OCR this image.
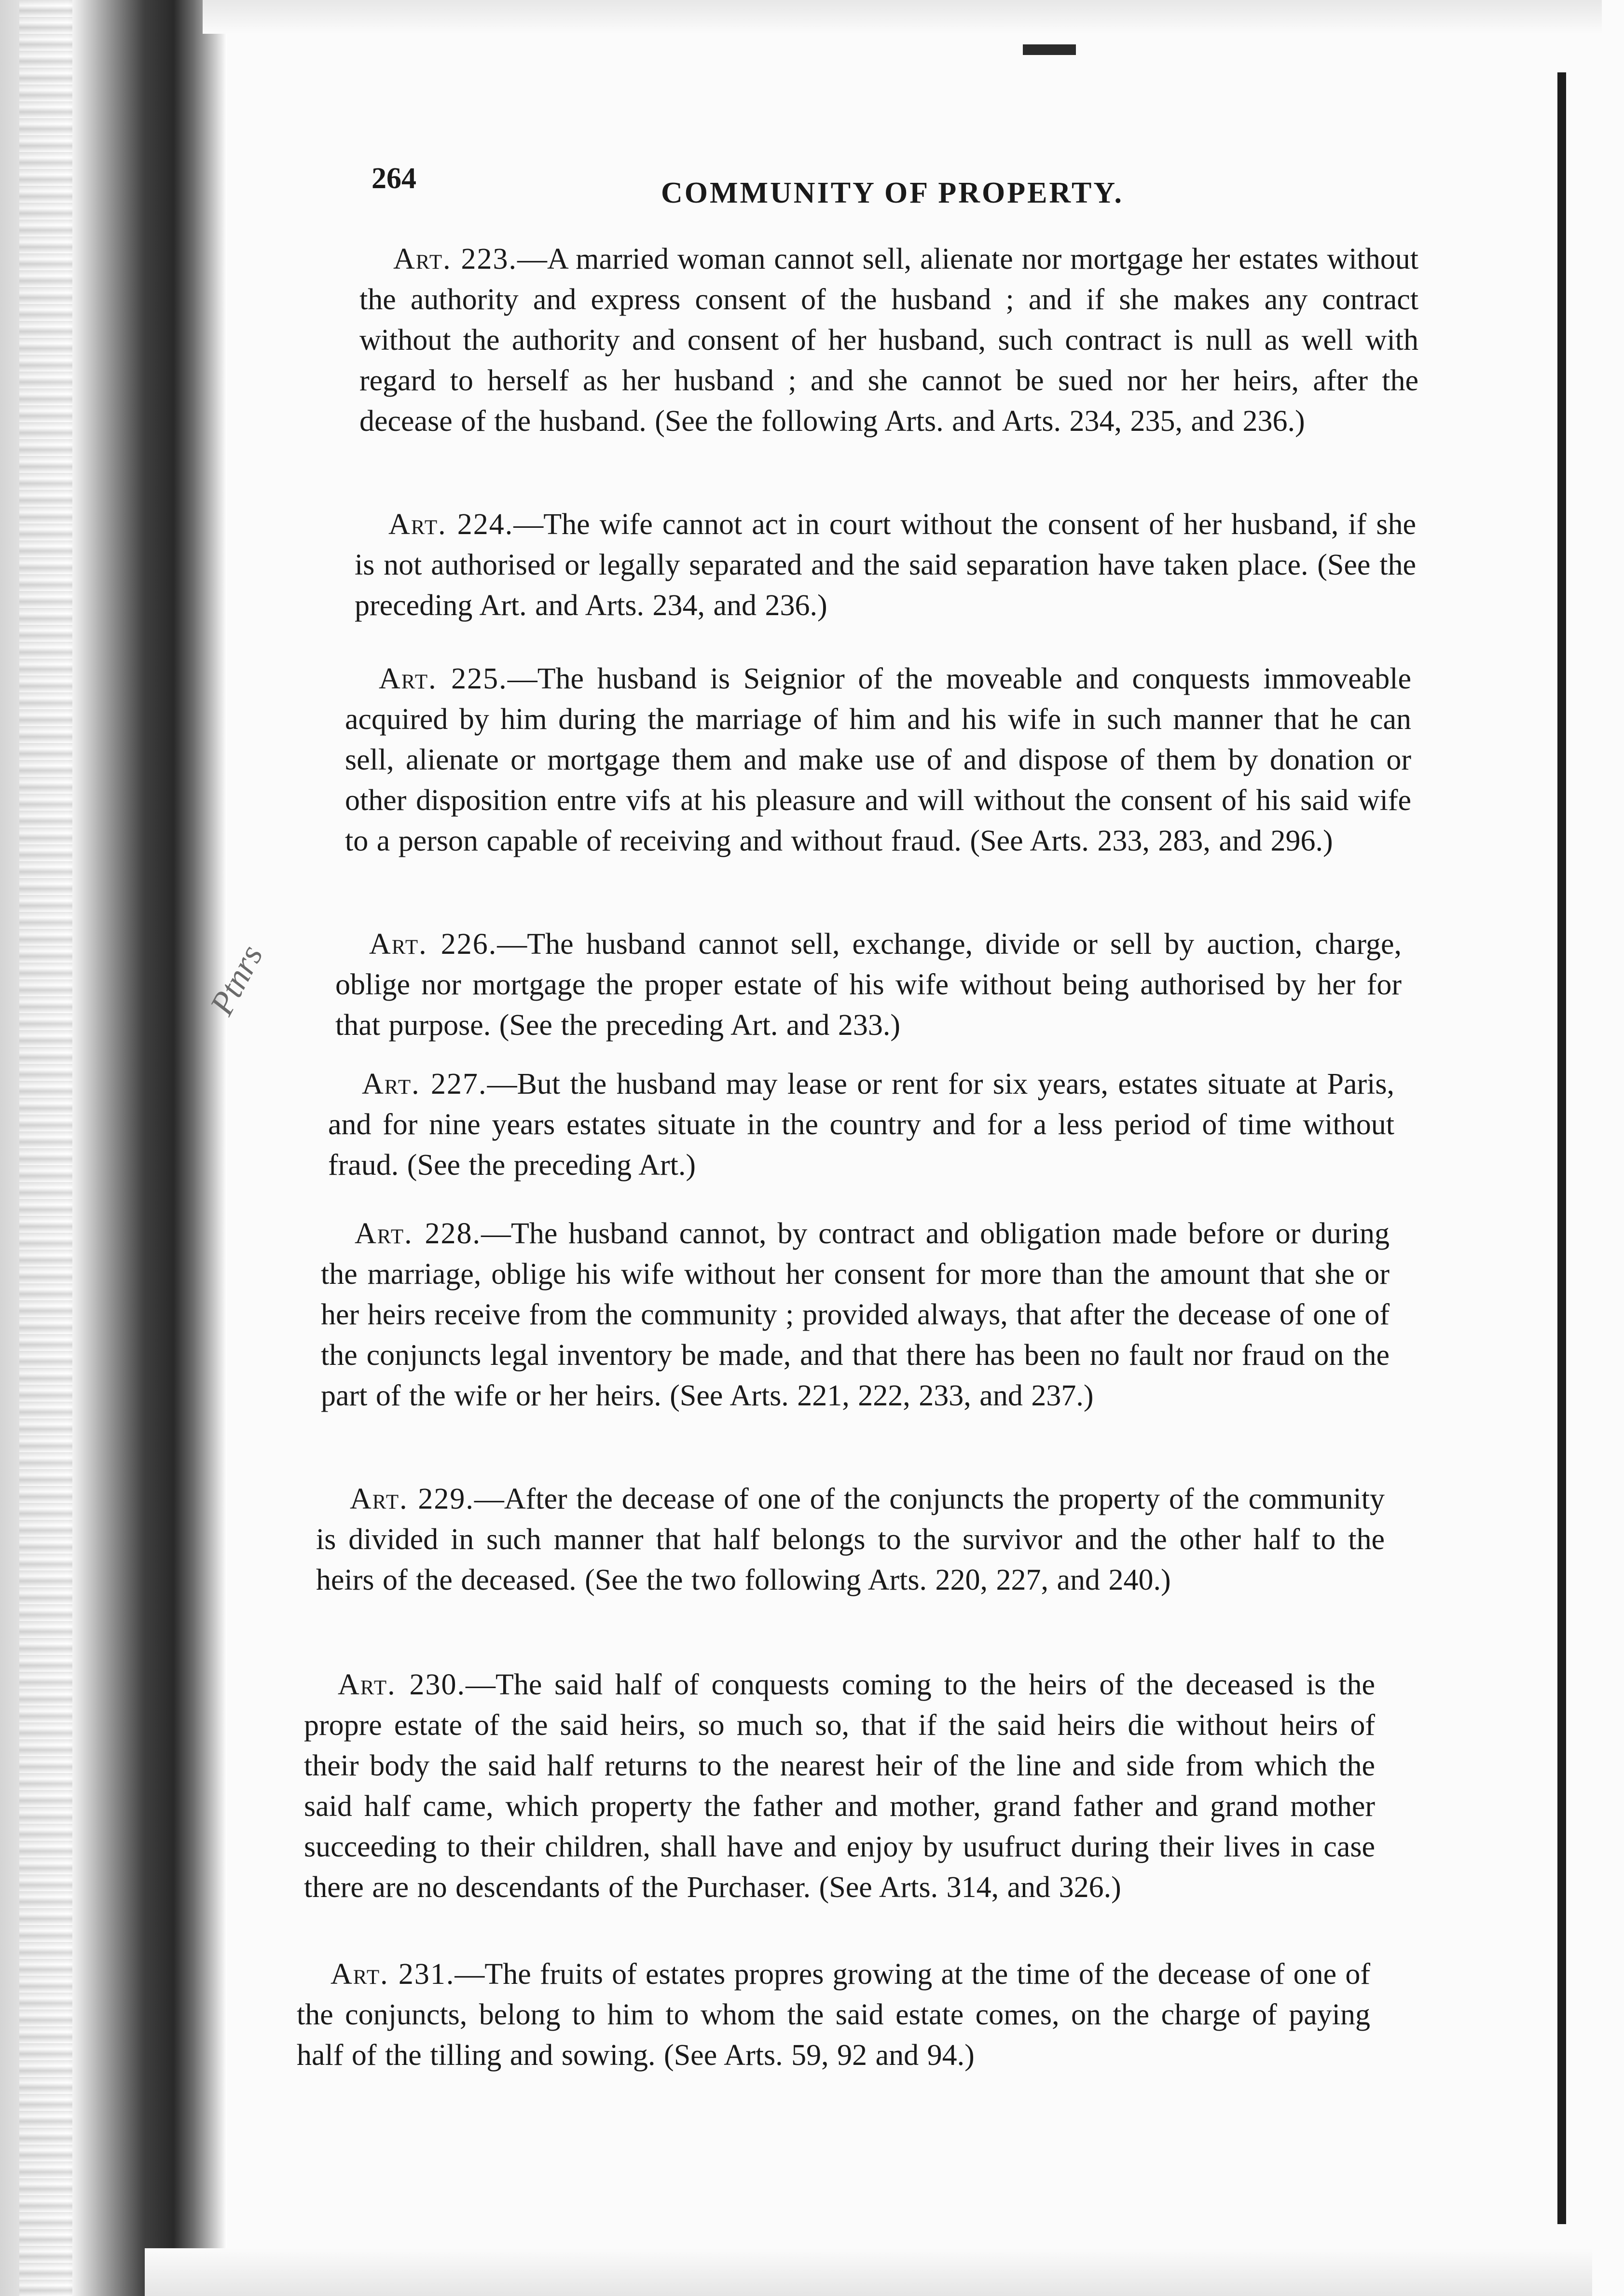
Ptnrs

264	COMMUNITY OF PROPERTY.

Art. 223.—A married woman cannot sell, alienate nor mortgage her estates without the authority and express consent of the husband ; and if she makes any contract without the authority and consent of her husband, such contract is null as well with regard to herself as her husband ; and she cannot be sued nor her heirs, after the decease of the husband. (See the following Arts. and Arts. 234, 235, and 236.)

Art. 224.—The wife cannot act in court without the consent of her husband, if she is not authorised or legally separated and the said separation have taken place. (See the preceding Art. and Arts. 234, and 236.)

Art. 225.—The husband is Seignior of the moveable and conquests immoveable acquired by him during the marriage of him and his wife in such manner that he can sell, alienate or mortgage them and make use of and dispose of them by donation or other disposition entre vifs at his pleasure and will without the consent of his said wife to a person capable of receiving and without fraud. (See Arts. 233, 283, and 296.)

Art. 226.—The husband cannot sell, exchange, divide or sell by auction, charge, oblige nor mortgage the proper estate of his wife without being authorised by her for that purpose. (See the preceding Art. and 233.)

Art. 227.—But the husband may lease or rent for six years, estates situate at Paris, and for nine years estates situate in the country and for a less period of time without fraud. (See the preceding Art.)

Art. 228.—The husband cannot, by contract and obligation made before or during the marriage, oblige his wife without her consent for more than the amount that she or her heirs receive from the community ; provided always, that after the decease of one of the conjuncts legal inventory be made, and that there has been no fault nor fraud on the part of the wife or her heirs. (See Arts. 221, 222, 233, and 237.)

Art. 229.—After the decease of one of the conjuncts the property of the community is divided in such manner that half belongs to the survivor and the other half to the heirs of the deceased. (See the two following Arts. 220, 227, and 240.)

Art. 230.—The said half of conquests coming to the heirs of the deceased is the propre estate of the said heirs, so much so, that if the said heirs die without heirs of their body the said half returns to the nearest heir of the line and side from which the said half came, which property the father and mother, grand father and grand mother succeeding to their children, shall have and enjoy by usufruct during their lives in case there are no descendants of the Purchaser. (See Arts. 314, and 326.)

Art. 231.—The fruits of estates propres growing at the time of the decease of one of the conjuncts, belong to him to whom the said estate comes, on the charge of paying half of the tilling and sowing. (See Arts. 59, 92 and 94.)
